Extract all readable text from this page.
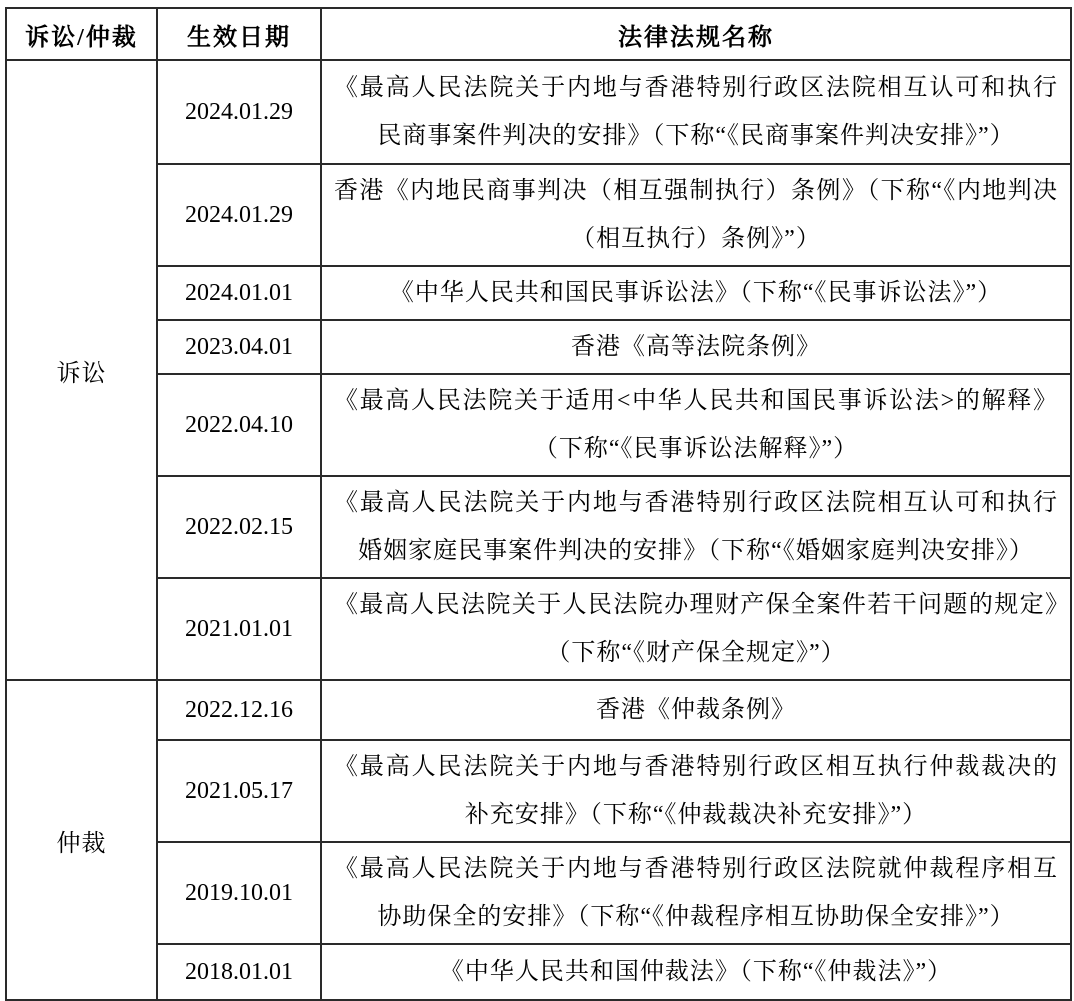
诉讼/仲裁	生效日期	法律法规名称
诉讼	2024.01.29	《最高人民法院关于内地与香港特别行政区法院相互认可和执行民商事案件判决的安排》（下称“《民商事案件判决安排》”）
	2024.01.29	香港《内地民商事判决（相互强制执行）条例》（下称“《内地判决（相互执行）条例》”）
	2024.01.01	《中华人民共和国民事诉讼法》（下称“《民事诉讼法》”）
	2023.04.01	香港《高等法院条例》
	2022.04.10	《最高人民法院关于适用<中华人民共和国民事诉讼法>的解释》（下称“《民事诉讼法解释》”）
	2022.02.15	《最高人民法院关于内地与香港特别行政区法院相互认可和执行婚姻家庭民事案件判决的安排》（下称“《婚姻家庭判决安排》）
	2021.01.01	《最高人民法院关于人民法院办理财产保全案件若干问题的规定》（下称“《财产保全规定》”）
仲裁	2022.12.16	香港《仲裁条例》
	2021.05.17	《最高人民法院关于内地与香港特别行政区相互执行仲裁裁决的补充安排》（下称“《仲裁裁决补充安排》”）
	2019.10.01	《最高人民法院关于内地与香港特别行政区法院就仲裁程序相互协助保全的安排》（下称“《仲裁程序相互协助保全安排》”）
	2018.01.01	《中华人民共和国仲裁法》（下称“《仲裁法》”）
